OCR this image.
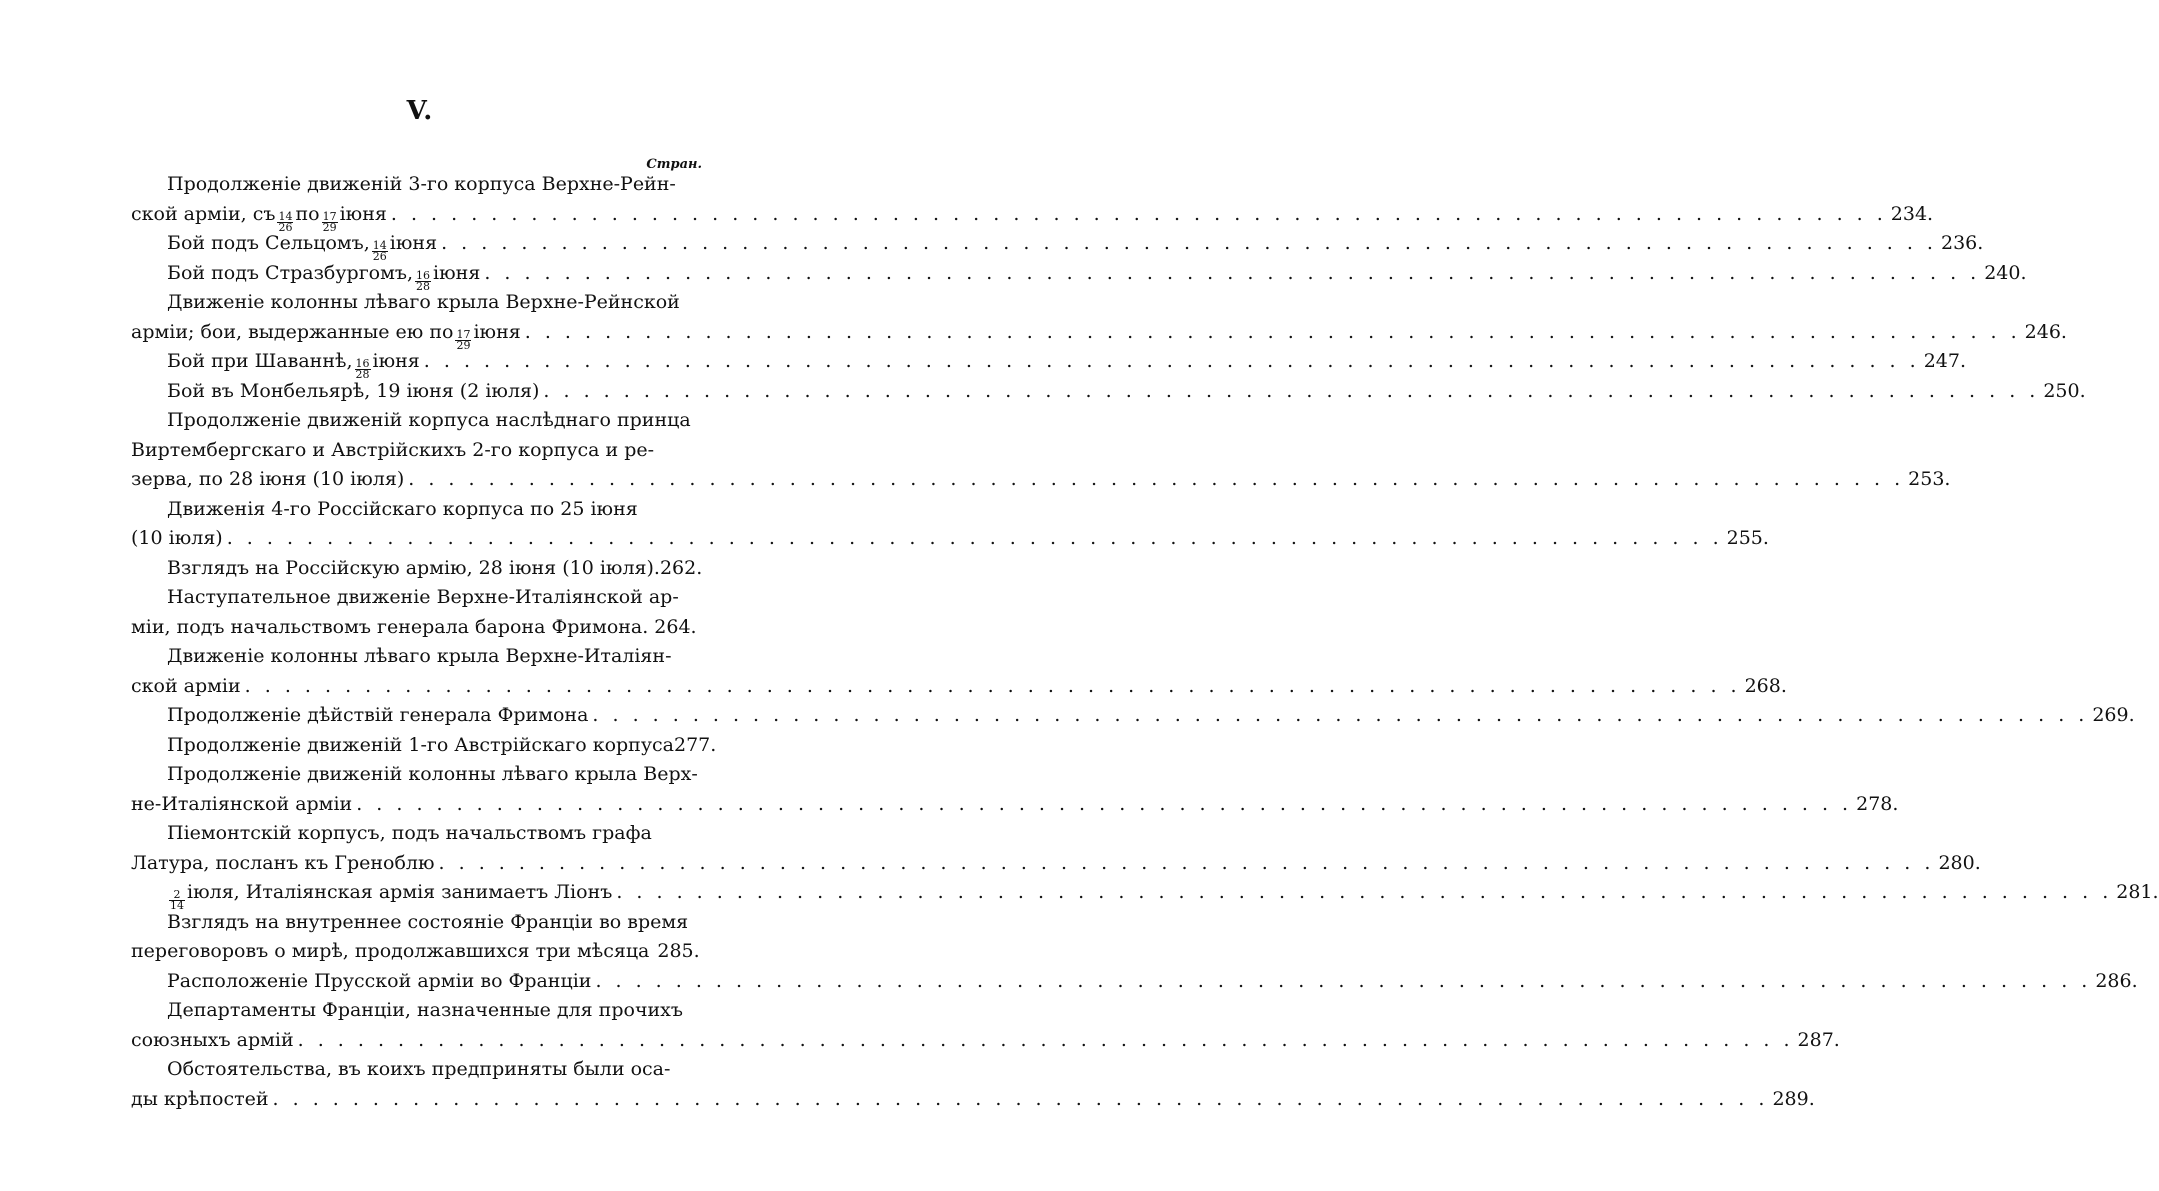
V.
Стран.
Продолженіе движеній 3-го корпуса Верхне-Рейн-
ской арміи, съ $\frac{14}{26}$ по $\frac{17}{29}$ іюня . . .	234.
Бой подъ Сельцомъ, $\frac{14}{26}$ іюня . . .	236.
Бой подъ Стразбургомъ, $\frac{16}{28}$ іюня . . .	240.
Движеніе колонны лѣваго крыла Верхне-Рейнской
арміи; бои, выдержанные ею по $\frac{17}{29}$ іюня . . .	246.
Бой при Шаваннѣ, $\frac{16}{28}$ іюня . . .	247.
Бой въ Монбельярѣ, 19 іюня (2 іюля) . . .	250.
Продолженіе движеній корпуса наслѣднаго принца
Виртембергскаго и Австрійскихъ 2-го корпуса и ре-
зерва, по 28 іюня (10 іюля) . . .	253.
Движенія 4-го Россійскаго корпуса по 25 іюня
(10 іюля) . . .	255.
Взглядъ на Россійскую армію, 28 іюня (10 іюля). 262.
Наступательное движеніе Верхне-Италіянской ар-
міи, подъ начальствомъ генерала барона Фримона. 264.
Движеніе колонны лѣваго крыла Верхне-Италіян-
ской арміи . . .	268.
Продолженіе дѣйствій генерала Фримона . . .	269.
Продолженіе движеній 1-го Австрійскаго корпуса 277.
Продолженіе движеній колонны лѣваго крыла Верх-
не-Италіянской арміи . . .	278.
Піемонтскій корпусъ, подъ начальствомъ графа
Латура, посланъ къ Греноблю . . .	280.
$\frac{2}{14}$ іюля, Италіянская армія занимаетъ Ліонъ . . .	281.
Взглядъ на внутреннее состояніе Франціи во время
переговоровъ о мирѣ, продолжавшихся три мѣсяца 285.
Расположеніе Прусской арміи во Франціи . . .	286.
Департаменты Франціи, назначенные для прочихъ
союзныхъ армій . . .	287.
Обстоятельства, въ коихъ предприняты были оса-
ды крѣпостей . . .	289.
